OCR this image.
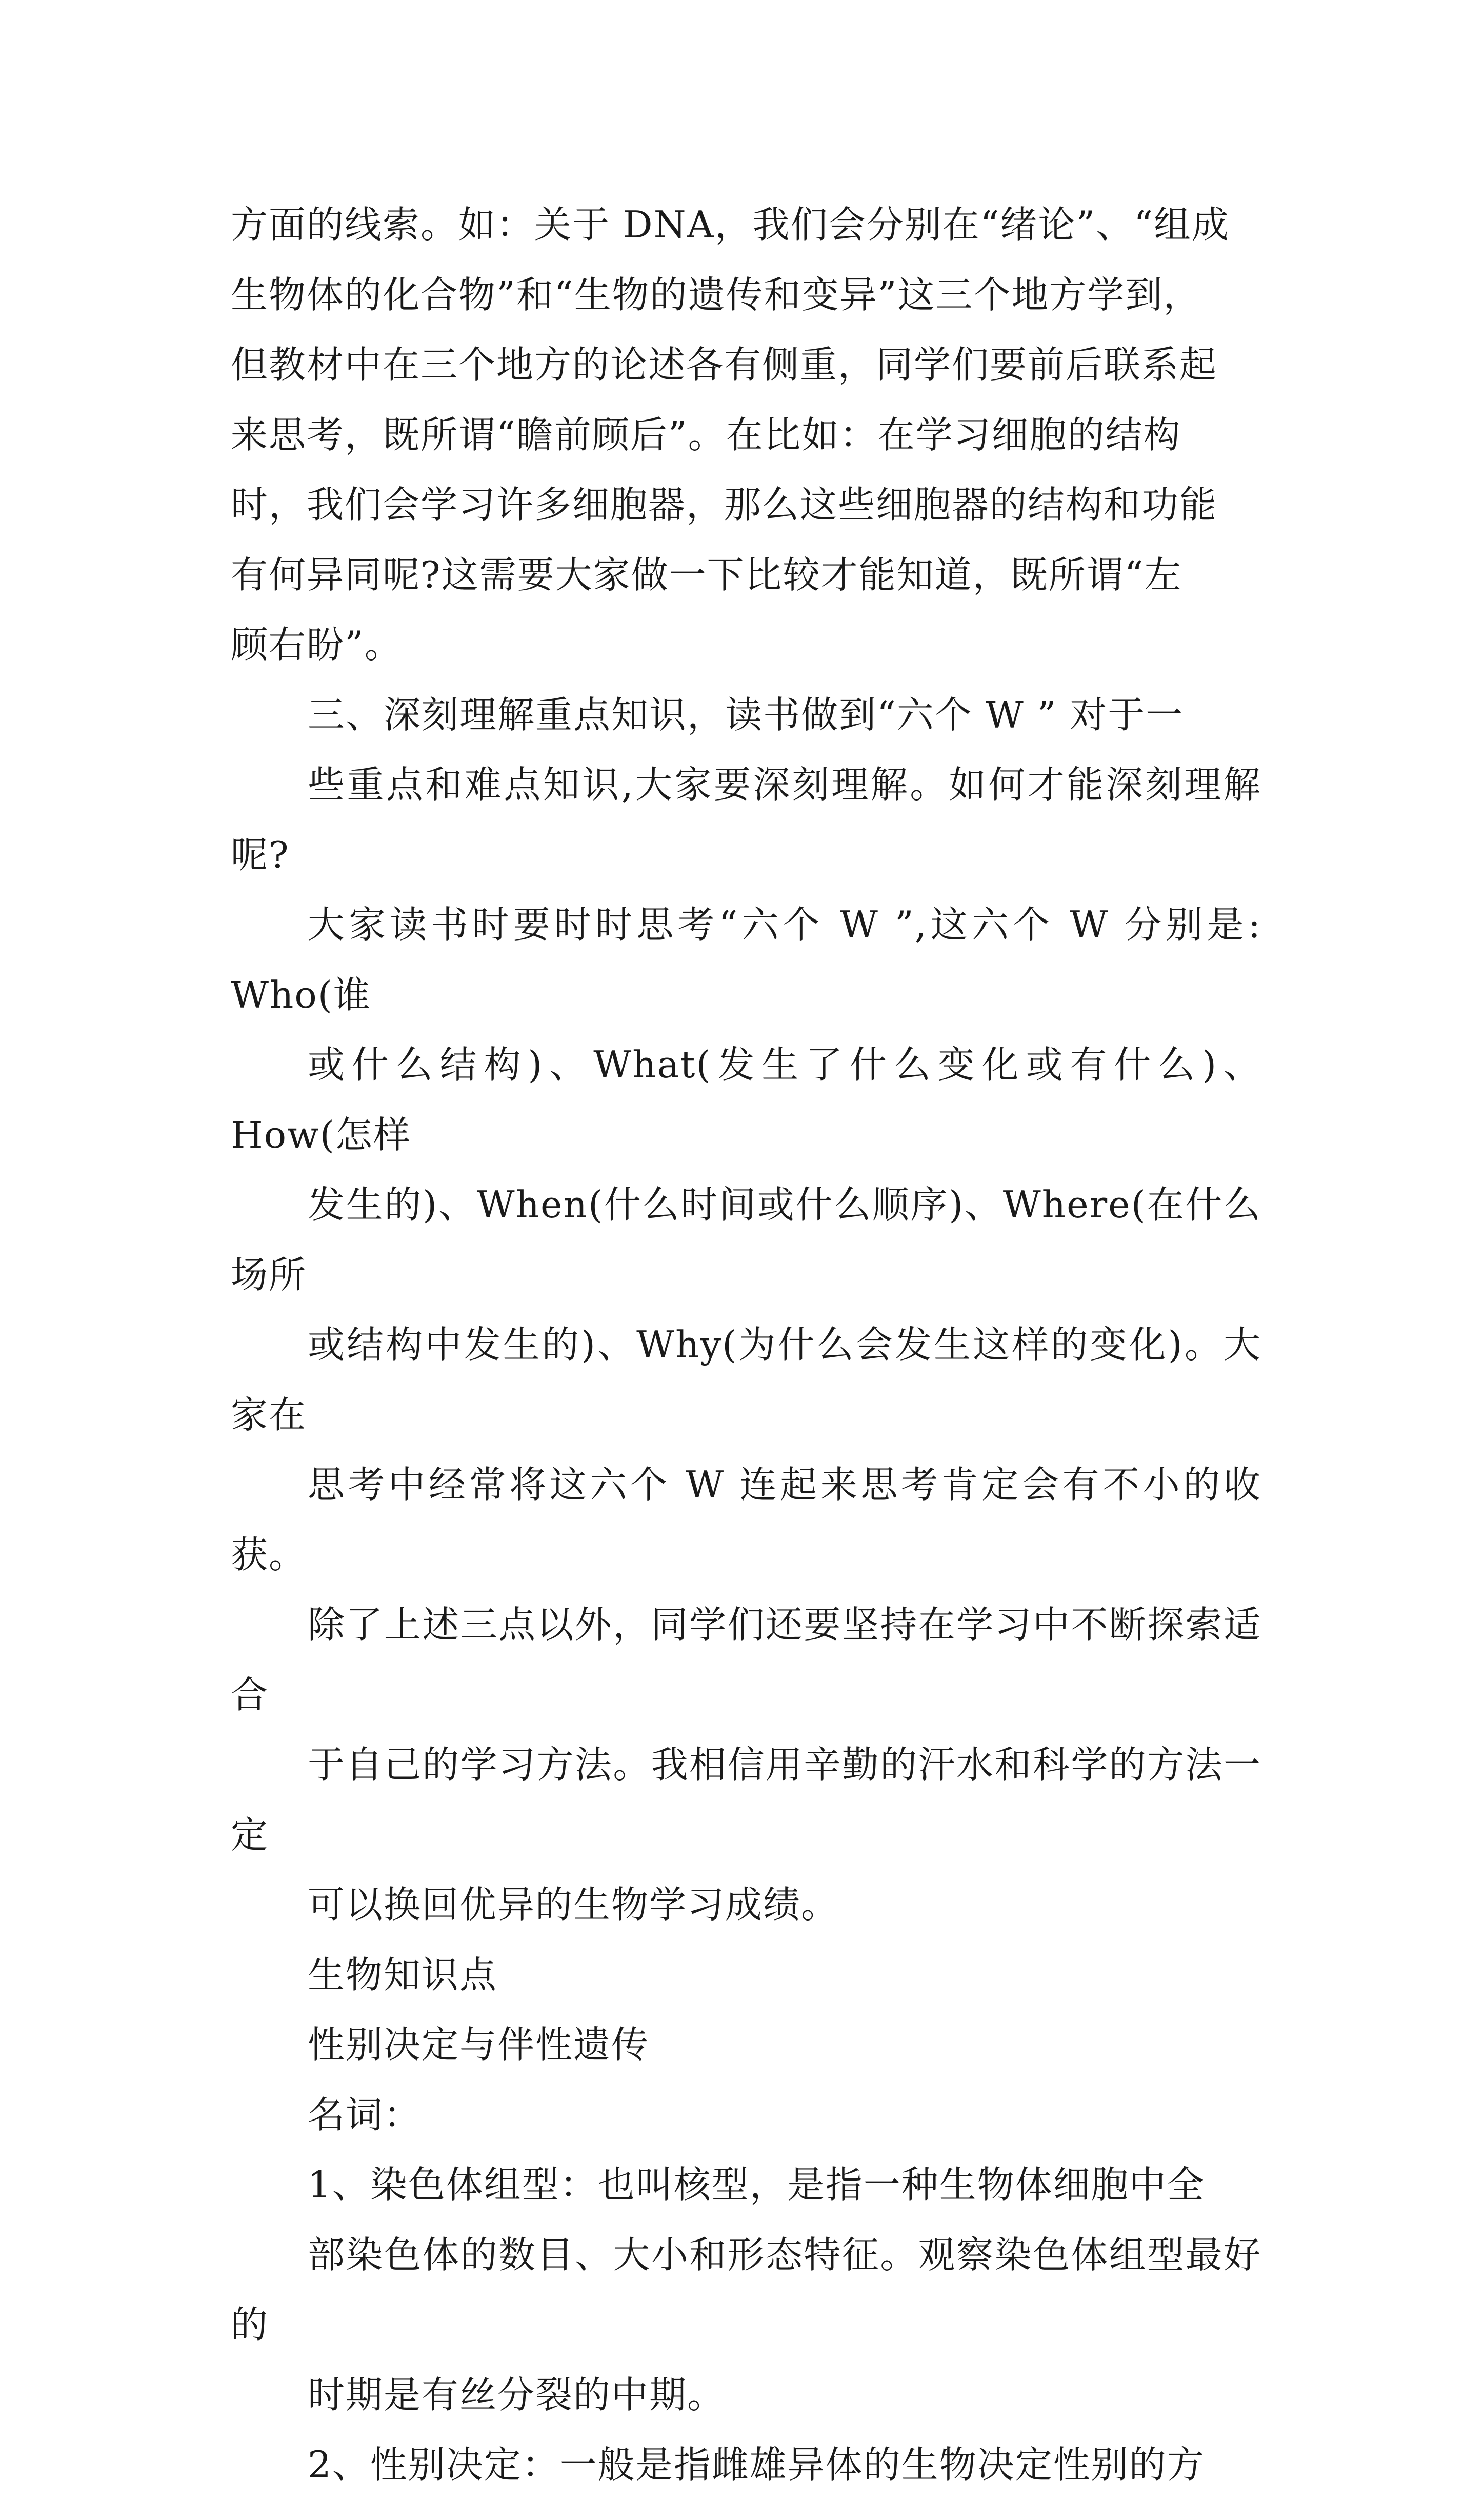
方面的线索。如：关于 DNA，我们会分别在“绪论”、“组成
生物体的化合物”和“生物的遗传和变异”这三个地方学到，
但教材中在三个地方的论述各有侧重，同学们要前后联系起
来思考，既所谓“瞻前顾后”。在比如：在学习细胞的结构
时，我们会学习许多细胞器，那么这些细胞器的结构和功能
有何异同呢?这需要大家做一下比较才能知道，既所谓“左
顾右盼”。

三、深刻理解重点知识，读书做到“六个 W ” 对于一
些重点和难点知识,大家要深刻理解。如何才能深刻理解呢?
大家读书时要时时思考“六个 W ”,这六个 W 分别是: Who(谁
或什么结构)、What(发生了什么变化或有什么)、How(怎样
发生的)、When(什么时间或什么顺序)、Where(在什么场所
或结构中发生的)、Why(为什么会发生这样的变化)。大家在
思考中经常将这六个 W 连起来思考肯定会有不小的收获。
除了上述三点以外，同学们还要坚持在学习中不断探索适合
于自己的学习方法。我相信用辛勤的汗水和科学的方法一定
可以换回优异的生物学习成绩。

生物知识点

性别决定与伴性遗传

名词：

1、染色体组型：也叫核型，是指一种生物体细胞中全
部染色体的数目、大小和形态特征。观察染色体组型最好的
时期是有丝分裂的中期。

2、性别决定：一般是指雌雄异体的生物决定性别的方
